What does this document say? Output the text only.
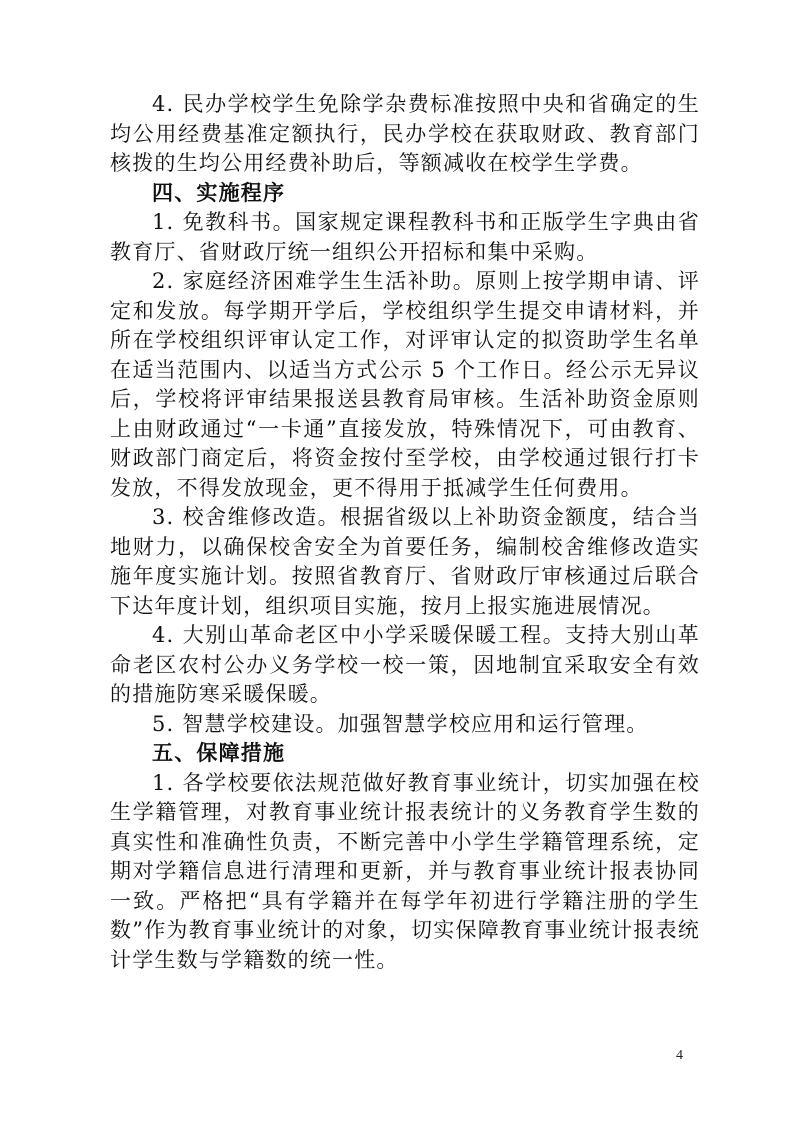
4. 民办学校学生免除学杂费标准按照中央和省确定的生均公用经费基准定额执行，民办学校在获取财政、教育部门核拨的生均公用经费补助后，等额减收在校学生学费。

四、实施程序

1. 免教科书。国家规定课程教科书和正版学生字典由省教育厅、省财政厅统一组织公开招标和集中采购。

2. 家庭经济困难学生生活补助。原则上按学期申请、评定和发放。每学期开学后，学校组织学生提交申请材料，并所在学校组织评审认定工作，对评审认定的拟资助学生名单在适当范围内、以适当方式公示 5 个工作日。经公示无异议后，学校将评审结果报送县教育局审核。生活补助资金原则上由财政通过“一卡通”直接发放，特殊情况下，可由教育、财政部门商定后，将资金按付至学校，由学校通过银行打卡发放，不得发放现金，更不得用于抵减学生任何费用。

3. 校舍维修改造。根据省级以上补助资金额度，结合当地财力，以确保校舍安全为首要任务，编制校舍维修改造实施年度实施计划。按照省教育厅、省财政厅审核通过后联合下达年度计划，组织项目实施，按月上报实施进展情况。

4. 大别山革命老区中小学采暖保暖工程。支持大别山革命老区农村公办义务学校一校一策，因地制宜采取安全有效的措施防寒采暖保暖。

5. 智慧学校建设。加强智慧学校应用和运行管理。

五、保障措施

1. 各学校要依法规范做好教育事业统计，切实加强在校生学籍管理，对教育事业统计报表统计的义务教育学生数的真实性和准确性负责，不断完善中小学生学籍管理系统，定期对学籍信息进行清理和更新，并与教育事业统计报表协同一致。严格把“具有学籍并在每学年初进行学籍注册的学生数”作为教育事业统计的对象，切实保障教育事业统计报表统计学生数与学籍数的统一性。

4
